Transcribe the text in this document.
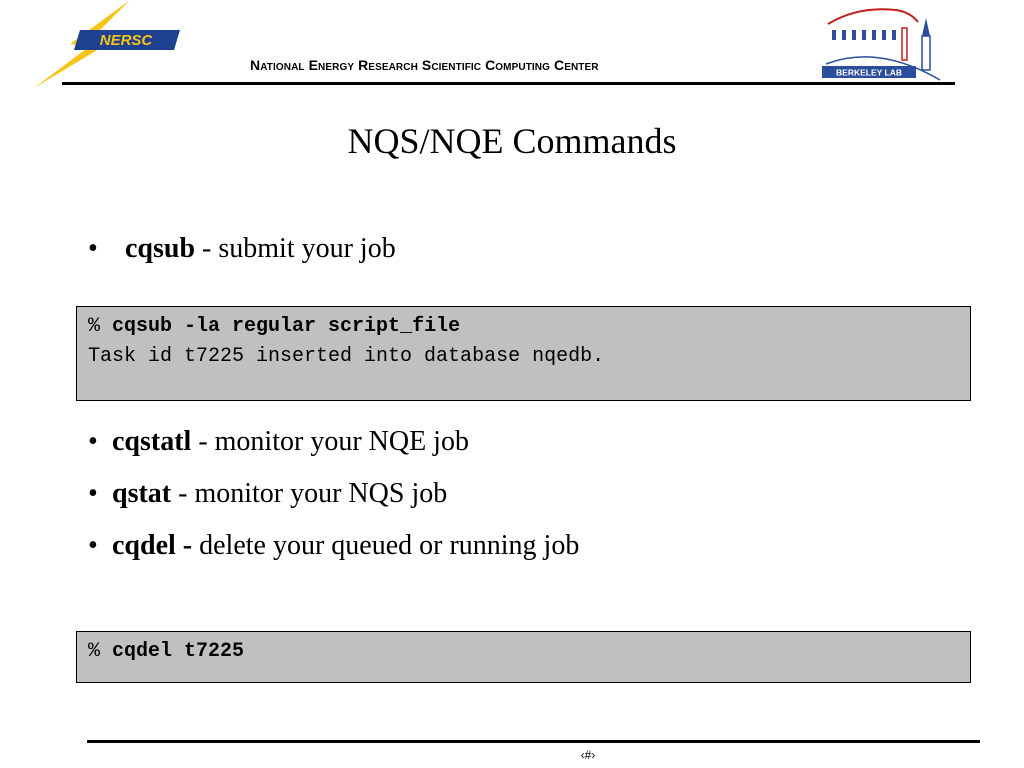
NERSC
National Energy Research Scientific Computing Center	BERKELEY LAB
NQS/NQE Commands
• cqsub - submit your job
% cqsub -la regular script_file
Task id t7225 inserted into database nqedb.
• cqstatl - monitor your NQE job
• qstat - monitor your NQS job
• cqdel - delete your queued or running job
% cqdel t7225
‹#›
